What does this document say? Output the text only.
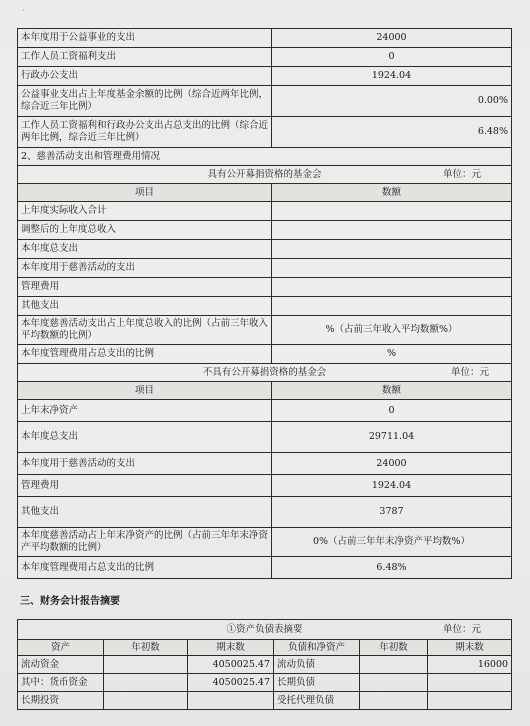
·
本年度用于公益事业的支出	24000
工作人员工资福利支出	0
行政办公支出	1924.04
公益事业支出占上年度基金余额的比例（综合近两年比例，综合近三年比例）	0.00%
工作人员工资福利和行政办公支出占总支出的比例（综合近两年比例，综合近三年比例）	6.48%
2、慈善活动支出和管理费用情况	
具有公开募捐资格的基金会 单位：元	

项目	数额
上年度实际收入合计	
调整后的上年度总收入	
本年度总支出	
本年度用于慈善活动的支出	
管理费用	
其他支出	
本年度慈善活动支出占上年度总收入的比例（占前三年收入平均数额的比例）	%（占前三年收入平均数额%）
本年度管理费用占总支出的比例	%
不具有公开募捐资格的基金会 单位：元	

项目	数额
上年末净资产	0
本年度总支出	29711.04
本年度用于慈善活动的支出	24000
管理费用	1924.04
其他支出	3787
本年度慈善活动占上年末净资产的比例（占前三年年末净资产平均数额的比例）	0%（占前三年年末净资产平均数%）
本年度管理费用占总支出的比例	6.48%
三、财务会计报告摘要
①资产负债表摘要 单位：元					

资产	年初数	期末数	负债和净资产	年初数	期末数
流动资金		4050025.47	流动负债		16000
其中：货币资金		4050025.47	长期负债		
长期投资			受托代理负债		
